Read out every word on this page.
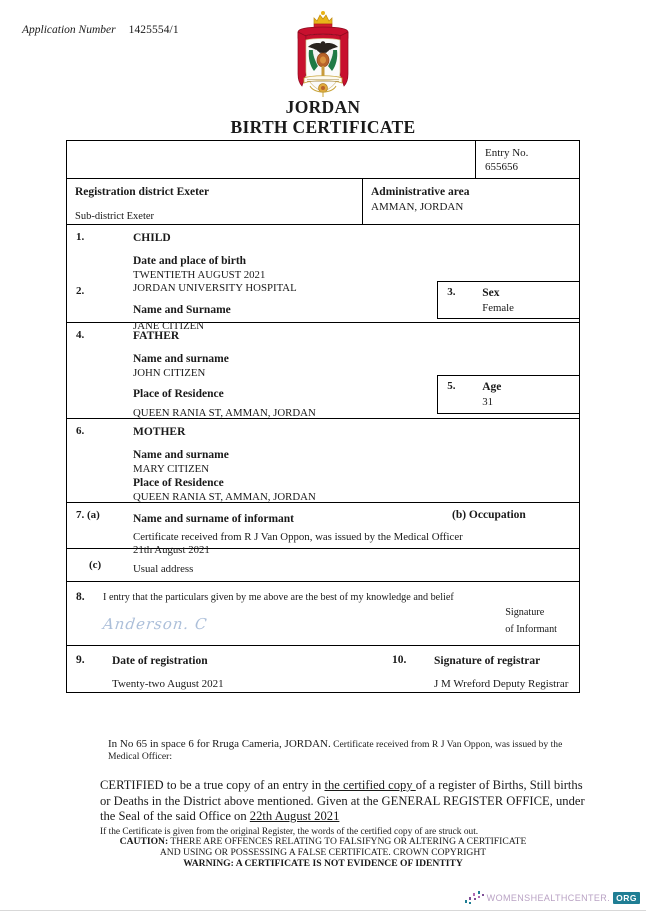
Application Number 1425554/1
JORDAN
BIRTH CERTIFICATE
Entry No.
655656
Registration district Exeter
Sub-district Exeter
Administrative area
AMMAN, JORDAN
1.	CHILD
Date and place of birth
TWENTIETH AUGUST 2021
JORDAN UNIVERSITY HOSPITAL
2.
Name and Surname
JANE CITIZEN
3. Sex
Female
4.	FATHER
Name and surname
JOHN CITIZEN
Place of Residence
QUEEN RANIA ST, AMMAN, JORDAN
5. Age
31
6.	MOTHER
Name and surname
MARY CITIZEN
Place of Residence
QUEEN RANIA ST, AMMAN, JORDAN
7. (a)	Name and surname of informant	(b) Occupation
Certificate received from R J Van Oppon, was issued by the Medical Officer
21th August 2021
(c)	Usual address
8. I entry that the particulars given by me above are the best of my knowledge and belief
Anderson. C
Signature
of Informant
9. Date of registration
Twenty-two August 2021
10. Signature of registrar
J M Wreford Deputy Registrar
In No 65 in space 6 for Rruga Cameria, JORDAN. Certificate received from R J Van Oppon, was issued by the
Medical Officer:
CERTIFIED to be a true copy of an entry in the certified copy of a register of Births, Still births or Deaths in the District above mentioned. Given at the GENERAL REGISTER OFFICE, under the Seal of the said Office on 22th August 2021
If the Certificate is given from the original Register, the words of the certified copy of are struck out.
CAUTION: THERE ARE OFFENCES RELATING TO FALSIFYNG OR ALTERING A CERTIFICATE
AND USING OR POSSESSING A FALSE CERTIFICATE. CROWN COPYRIGHT
WARNING: A CERTIFICATE IS NOT EVIDENCE OF IDENTITY
WOMENSHEALTHCENTER. ORG
